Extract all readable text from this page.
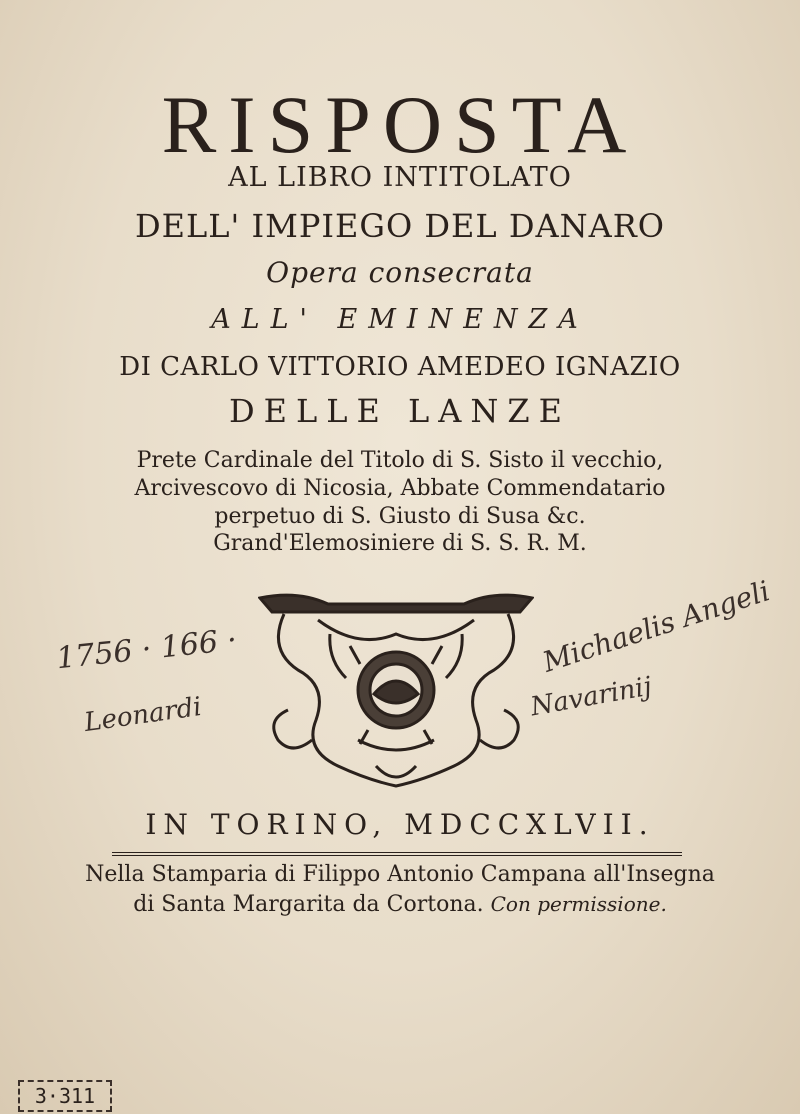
RISPOSTA
AL LIBRO INTITOLATO
DELL' IMPIEGO DEL DANARO
Opera consecrata
ALL' EMINENZA
DI CARLO VITTORIO AMEDEO IGNAZIO
DELLE LANZE
Prete Cardinale del Titolo di S. Sisto il vecchio,
Arcivescovo di Nicosia, Abbate Commendatario
perpetuo di S. Giusto di Susa &c.
Grand'Elemosiniere di S. S. R. M.
1756 · 166 ·
Leonardi
Michaelis Angeli
Navarinij
IN TORINO, MDCCXLVII.
Nella Stamparia di Filippo Antonio Campana all'Insegna
di Santa Margarita da Cortona. Con permissione.
3·311
